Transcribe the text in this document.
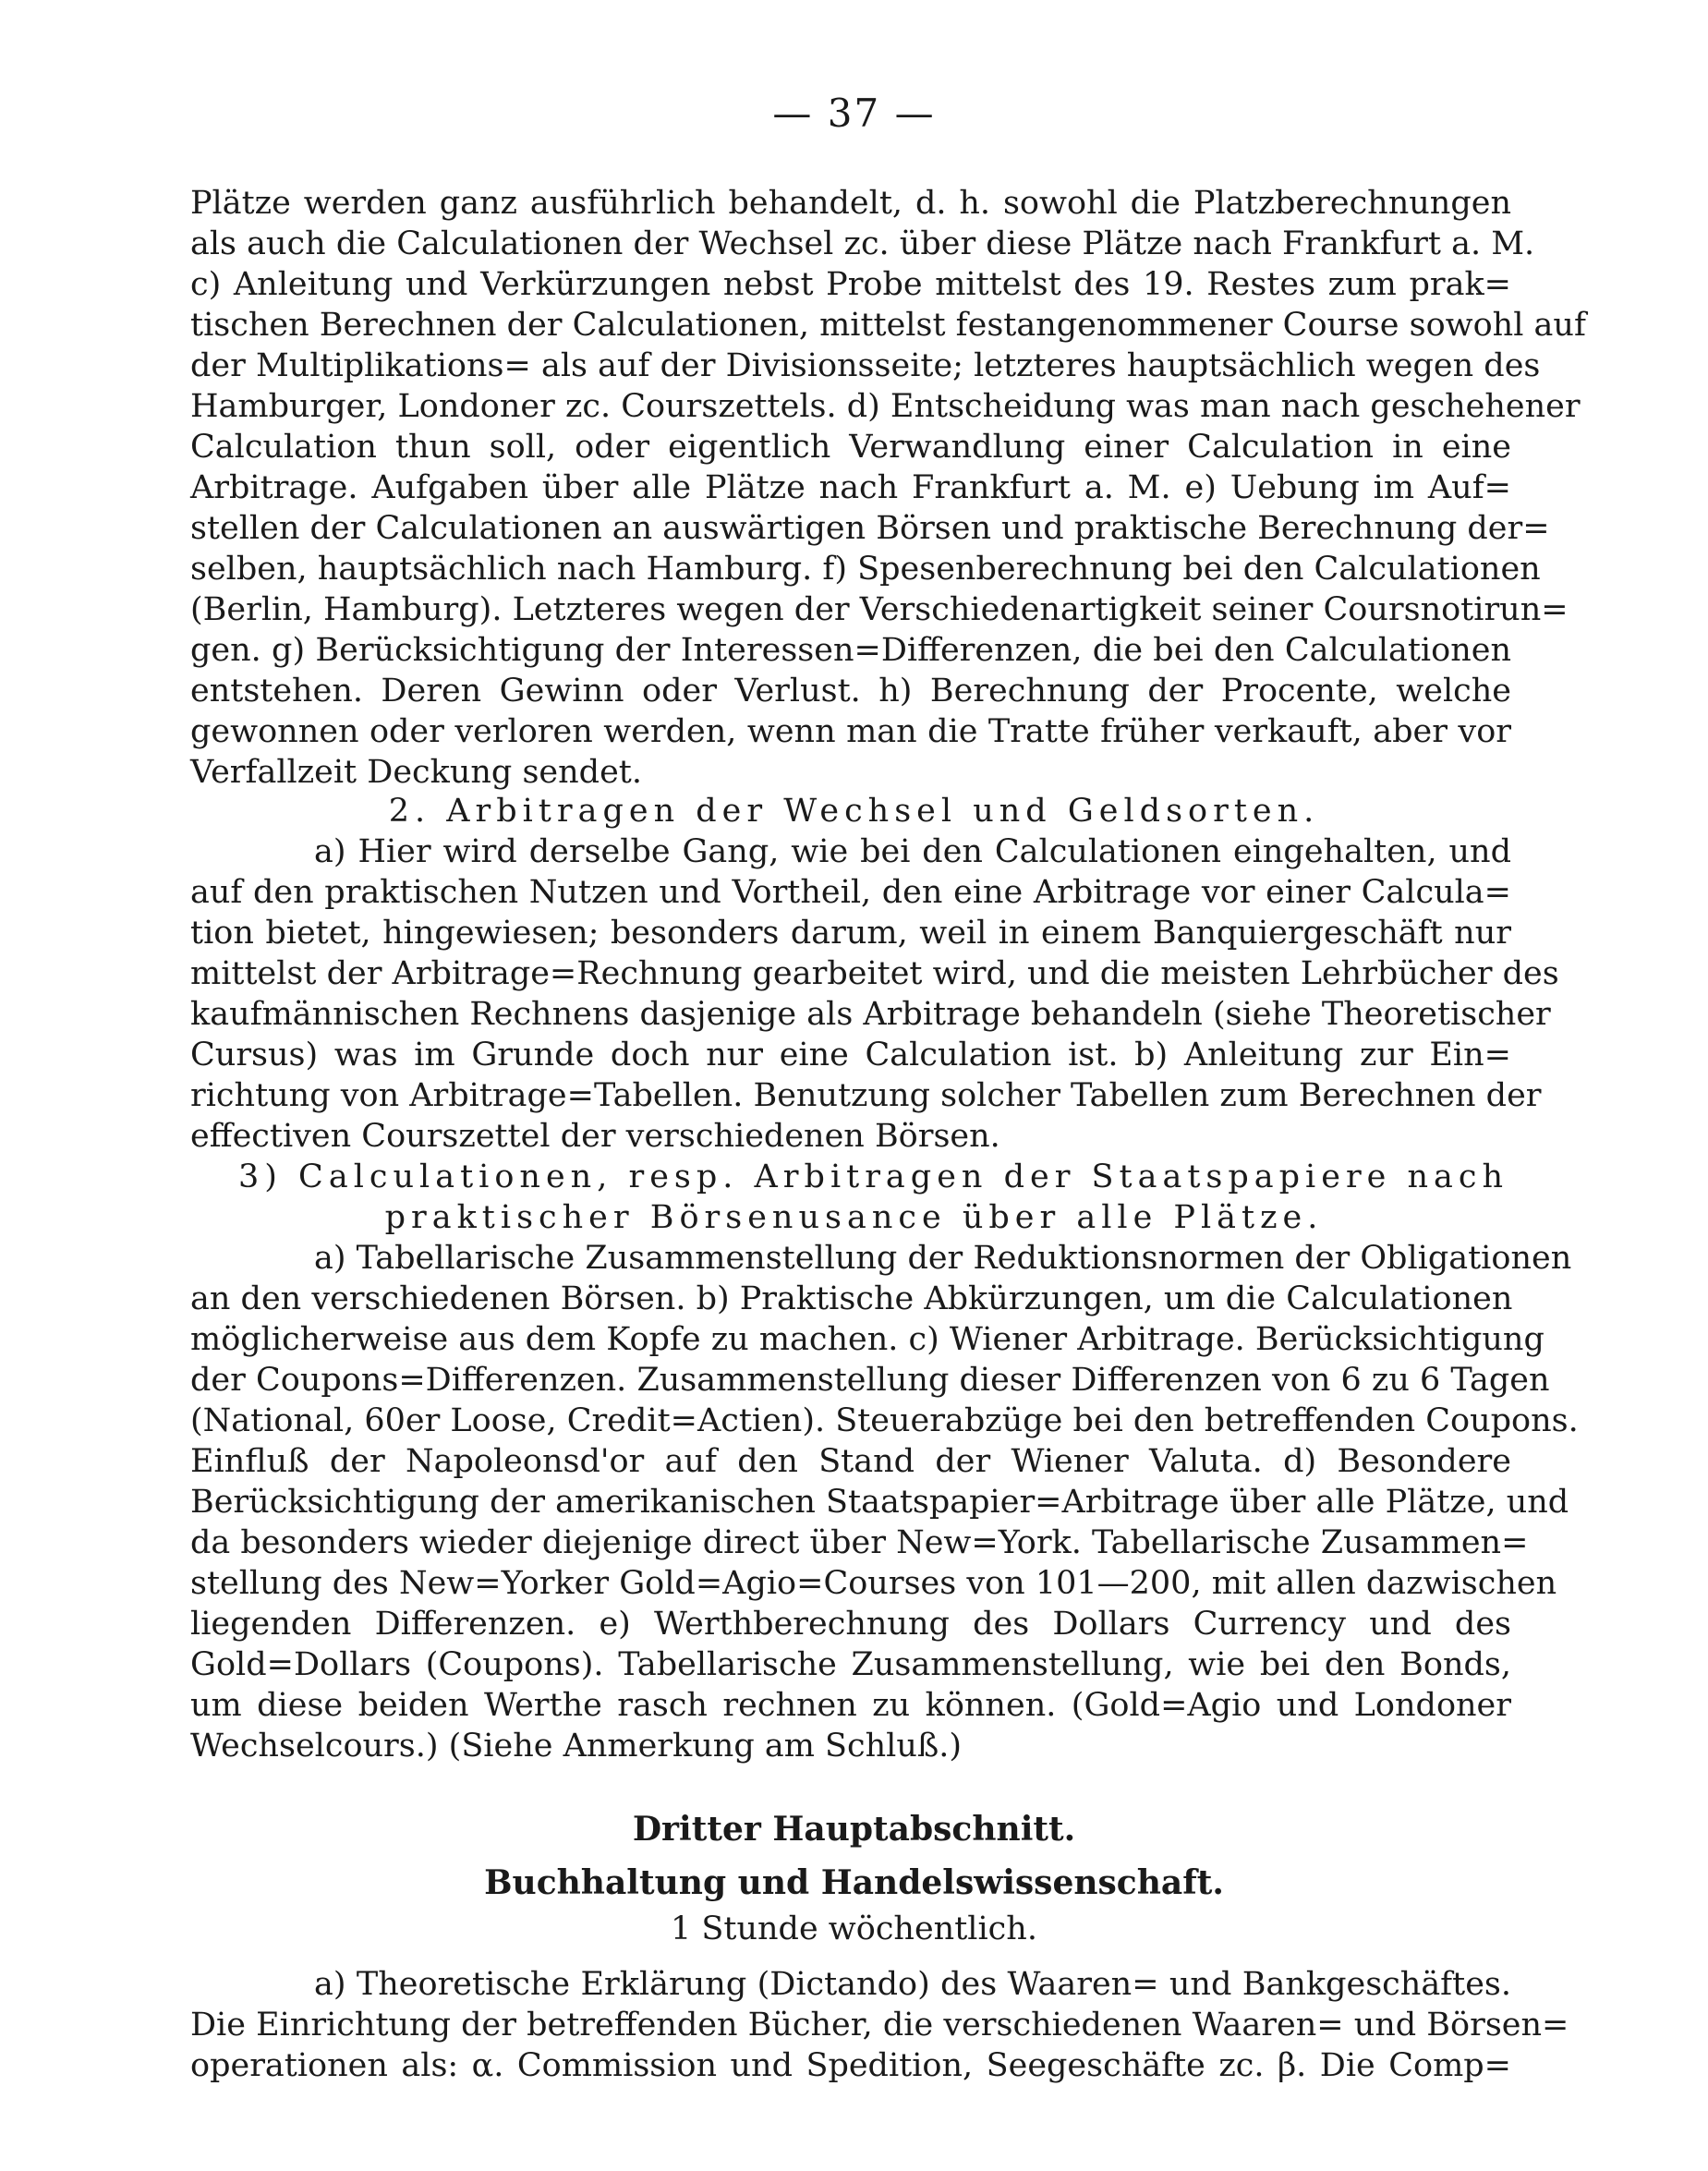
— 37 —
Plätze werden ganz ausführlich behandelt, d. h. sowohl die Platzberechnungen
als auch die Calculationen der Wechsel zc. über diese Plätze nach Frankfurt a. M.
c) Anleitung und Verkürzungen nebst Probe mittelst des 19. Restes zum prak=
tischen Berechnen der Calculationen, mittelst festangenommener Course sowohl auf
der Multiplikations= als auf der Divisionsseite; letzteres hauptsächlich wegen des
Hamburger, Londoner zc. Courszettels. d) Entscheidung was man nach geschehener
Calculation thun soll, oder eigentlich Verwandlung einer Calculation in eine
Arbitrage. Aufgaben über alle Plätze nach Frankfurt a. M. e) Uebung im Auf=
stellen der Calculationen an auswärtigen Börsen und praktische Berechnung der=
selben, hauptsächlich nach Hamburg. f) Spesenberechnung bei den Calculationen
(Berlin, Hamburg). Letzteres wegen der Verschiedenartigkeit seiner Coursnotirun=
gen. g) Berücksichtigung der Interessen=Differenzen, die bei den Calculationen
entstehen. Deren Gewinn oder Verlust. h) Berechnung der Procente, welche
gewonnen oder verloren werden, wenn man die Tratte früher verkauft, aber vor
Verfallzeit Deckung sendet.
2. Arbitragen der Wechsel und Geldsorten.
a) Hier wird derselbe Gang, wie bei den Calculationen eingehalten, und
auf den praktischen Nutzen und Vortheil, den eine Arbitrage vor einer Calcula=
tion bietet, hingewiesen; besonders darum, weil in einem Banquiergeschäft nur
mittelst der Arbitrage=Rechnung gearbeitet wird, und die meisten Lehrbücher des
kaufmännischen Rechnens dasjenige als Arbitrage behandeln (siehe Theoretischer
Cursus) was im Grunde doch nur eine Calculation ist. b) Anleitung zur Ein=
richtung von Arbitrage=Tabellen. Benutzung solcher Tabellen zum Berechnen der
effectiven Courszettel der verschiedenen Börsen.
3) Calculationen, resp. Arbitragen der Staatspapiere nach
praktischer Börsenusance über alle Plätze.
a) Tabellarische Zusammenstellung der Reduktionsnormen der Obligationen
an den verschiedenen Börsen. b) Praktische Abkürzungen, um die Calculationen
möglicherweise aus dem Kopfe zu machen. c) Wiener Arbitrage. Berücksichtigung
der Coupons=Differenzen. Zusammenstellung dieser Differenzen von 6 zu 6 Tagen
(National, 60er Loose, Credit=Actien). Steuerabzüge bei den betreffenden Coupons.
Einfluß der Napoleonsd'or auf den Stand der Wiener Valuta. d) Besondere
Berücksichtigung der amerikanischen Staatspapier=Arbitrage über alle Plätze, und
da besonders wieder diejenige direct über New=York. Tabellarische Zusammen=
stellung des New=Yorker Gold=Agio=Courses von 101—200, mit allen dazwischen
liegenden Differenzen. e) Werthberechnung des Dollars Currency und des
Gold=Dollars (Coupons). Tabellarische Zusammenstellung, wie bei den Bonds,
um diese beiden Werthe rasch rechnen zu können. (Gold=Agio und Londoner
Wechselcours.) (Siehe Anmerkung am Schluß.)
Dritter Hauptabschnitt.
Buchhaltung und Handelswissenschaft.
1 Stunde wöchentlich.
a) Theoretische Erklärung (Dictando) des Waaren= und Bankgeschäftes.
Die Einrichtung der betreffenden Bücher, die verschiedenen Waaren= und Börsen=
operationen als: α. Commission und Spedition, Seegeschäfte zc. β. Die Comp=
